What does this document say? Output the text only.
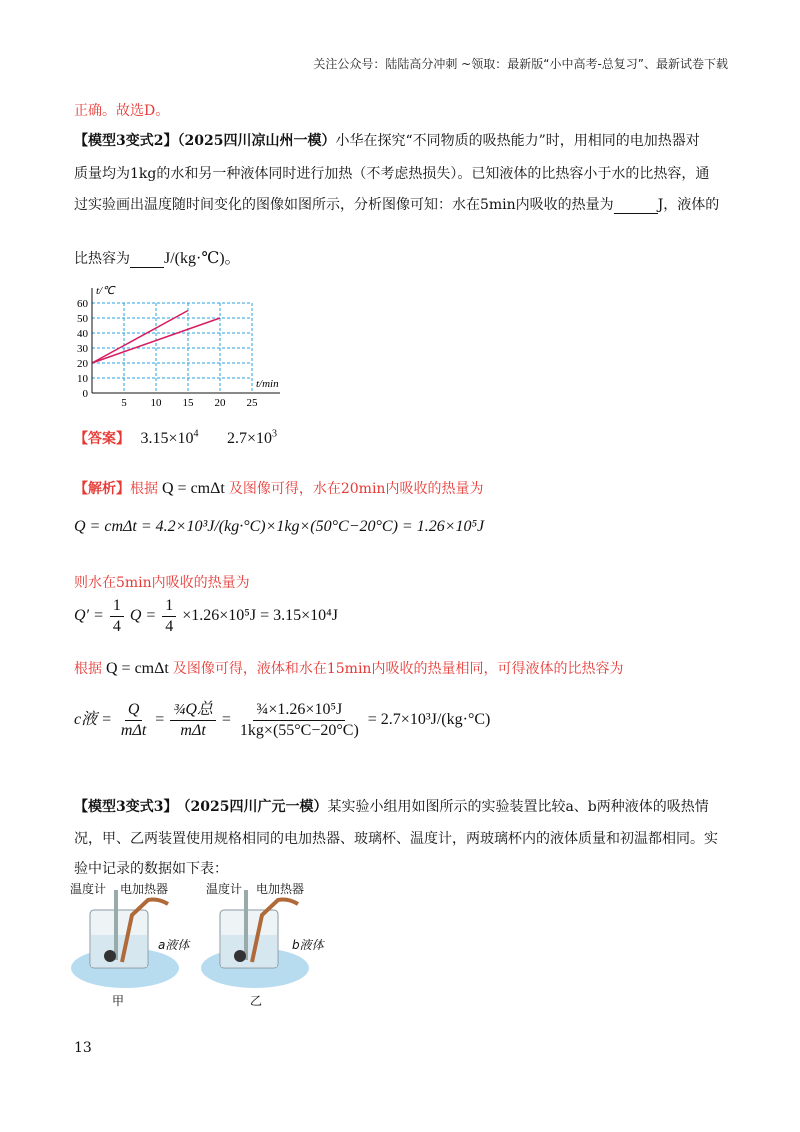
关注公众号：陆陆高分冲刺 ~领取：最新版“小中高考-总复习”、最新试卷下载
正确。故选D。
【模型3变式2】（2025四川凉山州一模）小华在探究“不同物质的吸热能力”时，用相同的电加热器对
质量均为1kg的水和另一种液体同时进行加热（不考虑热损失）。已知液体的比热容小于水的比热容，通
过实验画出温度随时间变化的图像如图所示，分析图像可知：水在5min内吸收的热量为	J，液体的
比热容为 J/(kg·℃)。
0
10
20
30
40
50
60
5 10 15 20 25
t/℃
t/min
【答案】 $3.15\times 10^4$ $2.7\times 10^3$
【解析】根据 Q = cmΔt 及图像可得，水在20min内吸收的热量为
Q = cmΔt = 4.2×10³J/(kg·°C)×1kg×(50°C−20°C) = 1.26×10⁵J
则水在5min内吸收的热量为
$Q' = \frac{1}{4}$ $Q = \frac{1}{4} \times 1.26\times 10^5J = 3.15\times 10^4J$
根据 Q = cmΔt 及图像可得，液体和水在15min内吸收的热量相同，可得液体的比热容为
c液 = $\frac{Q}{\text{mΔt}} = \frac{\text{¾Q总}}{\text{mΔt}} = \frac{\text{¾×1.26×10⁵J}}{1kg\times(55^\circ C-20^\circ C)} = 2.7\times 10^3J/(kg\cdot^\circ C)$
【模型3变式3】 （2025四川广元一模）某实验小组用如图所示的实验装置比较a、b两种液体的吸热情
况，甲、乙两装置使用规格相同的电加热器、玻璃杯、温度计，两玻璃杯内的液体质量和初温都相同。实
验中记录的数据如下表：
温度计 电加热器
a液体
甲
温度计 电加热器
b液体
乙
13
